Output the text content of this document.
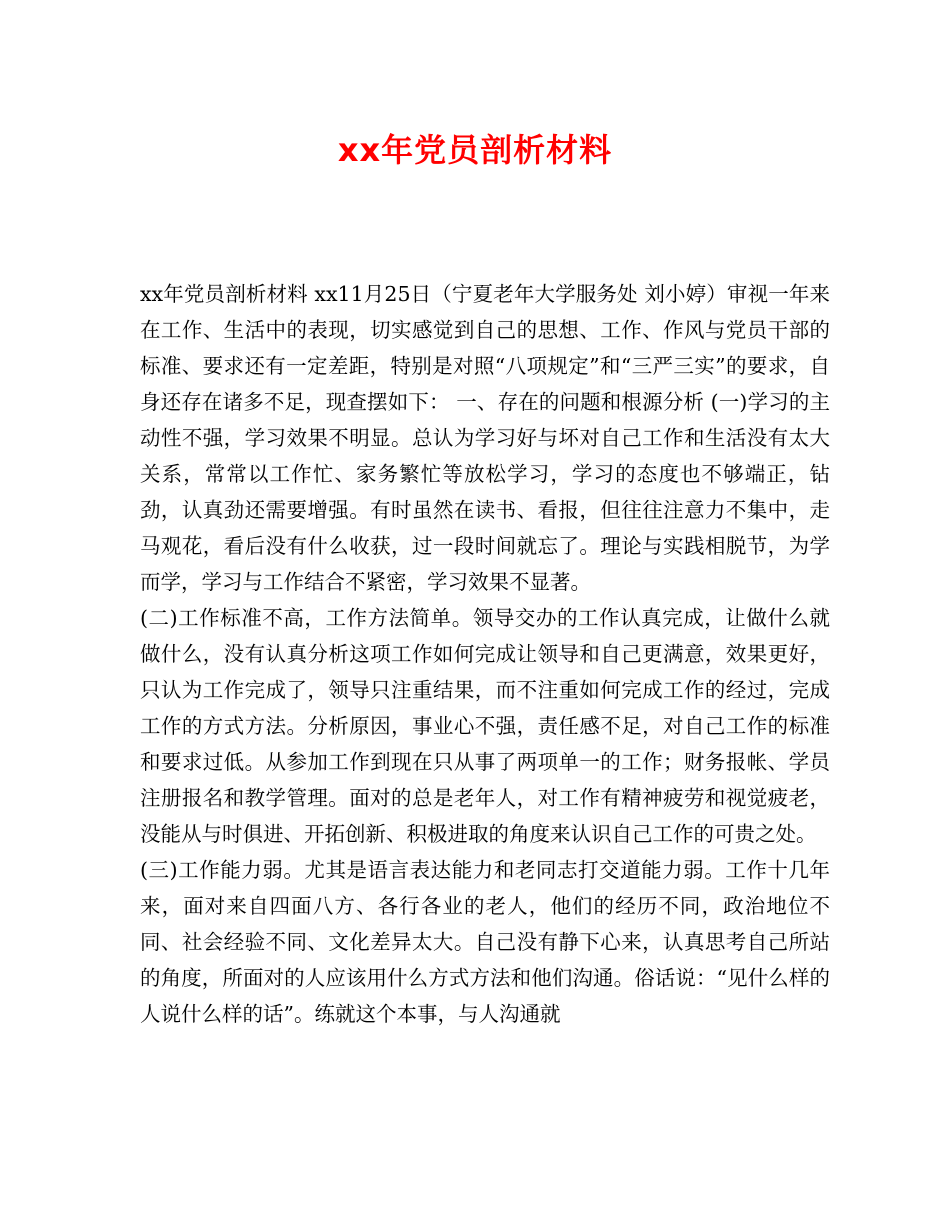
xx年党员剖析材料

xx年党员剖析材料 xx11月25日（宁夏老年大学服务处 刘小婷）审视一年来在工作、生活中的表现，切实感觉到自己的思想、工作、作风与党员干部的标准、要求还有一定差距，特别是对照“八项规定”和“三严三实”的要求，自身还存在诸多不足，现查摆如下： 一、存在的问题和根源分析 (一)学习的主动性不强，学习效果不明显。总认为学习好与坏对自己工作和生活没有太大关系，常常以工作忙、家务繁忙等放松学习，学习的态度也不够端正，钻劲，认真劲还需要增强。有时虽然在读书、看报，但往往注意力不集中，走马观花，看后没有什么收获，过一段时间就忘了。理论与实践相脱节，为学而学，学习与工作结合不紧密，学习效果不显著。

(二)工作标准不高，工作方法简单。领导交办的工作认真完成，让做什么就做什么，没有认真分析这项工作如何完成让领导和自己更满意，效果更好，只认为工作完成了，领导只注重结果，而不注重如何完成工作的经过，完成工作的方式方法。分析原因，事业心不强，责任感不足，对自己工作的标准和要求过低。从参加工作到现在只从事了两项单一的工作；财务报帐、学员注册报名和教学管理。面对的总是老年人，对工作有精神疲劳和视觉疲老，没能从与时俱进、开拓创新、积极进取的角度来认识自己工作的可贵之处。

(三)工作能力弱。尤其是语言表达能力和老同志打交道能力弱。工作十几年来，面对来自四面八方、各行各业的老人，他们的经历不同，政治地位不同、社会经验不同、文化差异太大。自己没有静下心来，认真思考自己所站的角度，所面对的人应该用什么方式方法和他们沟通。俗话说：“见什么样的人说什么样的话”。练就这个本事，与人沟通就
